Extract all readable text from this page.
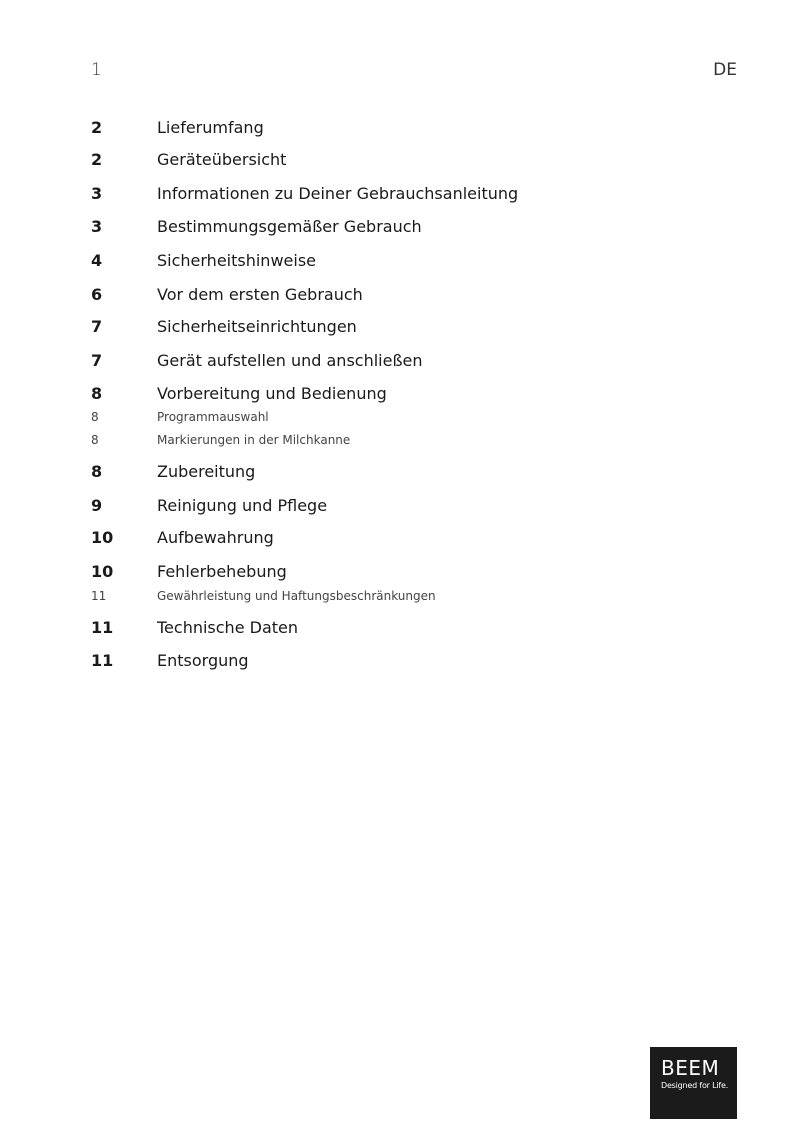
1	DE
2	Lieferumfang
2	Geräteübersicht
3	Informationen zu Deiner Gebrauchsanleitung
3	Bestimmungsgemäßer Gebrauch
4	Sicherheitshinweise
6	Vor dem ersten Gebrauch
7	Sicherheitseinrichtungen
7	Gerät aufstellen und anschließen
8	Vorbereitung und Bedienung
8	Programmauswahl
8	Markierungen in der Milchkanne
8	Zubereitung
9	Reinigung und Pflege
10	Aufbewahrung
10	Fehlerbehebung
11	Gewährleistung und Haftungsbeschränkungen
11	Technische Daten
11	Entsorgung
BEEM
Designed for Life.
